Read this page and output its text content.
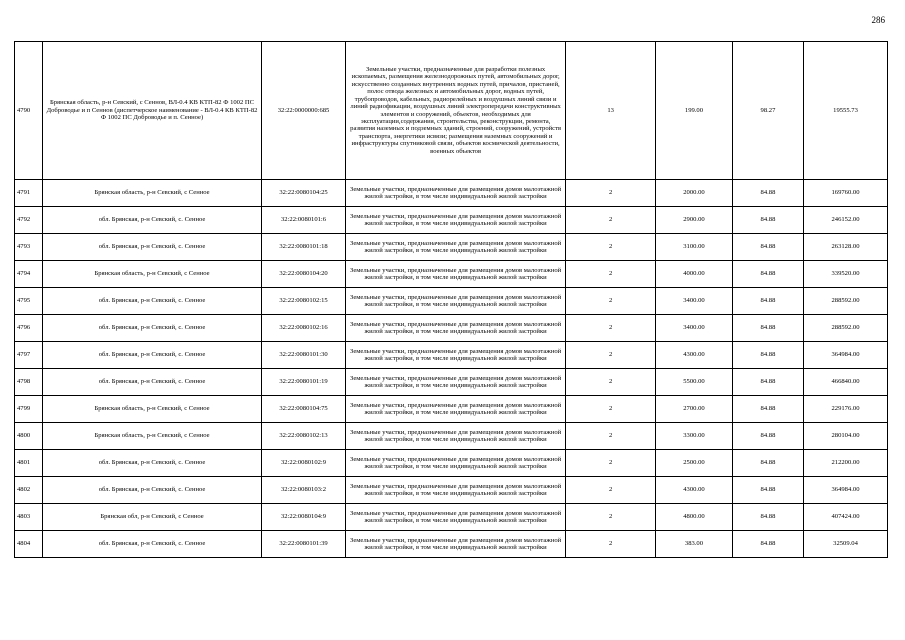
286
4790	Брянская область, р-н Севский, с Сеннов, ВЛ-0.4 КВ КТП-82 Ф 1002 ПС Доброводье и п Сеннов (диспетчерское наименование - ВЛ-0.4 КВ КТП-82 Ф 1002 ПС Доброводье и п. Сенное)	32:22:0000000:685	Земельные участки, предназначенные для разработки полезных ископаемых, размещения железнодорожных путей, автомобильных дорог, искусственно созданных внутренних водных путей, причалов, пристаней, полос отвода железных и автомобильных дорог, водных путей, трубопроводов, кабельных, радиорелейных и воздушных линий связи и линий радиофикации, воздушных линий электропередачи конструктивных элементов и сооружений, объектов, необходимых для эксплуатации,содержания, строительства, реконструкции, ремонта, развития наземных и подземных зданий, строений, сооружений, устройств транспорта, энергетики исвязи; размещения наземных сооружений и инфраструктуры спутниковой связи, объектов космической деятельности, военных объектов	13	199.00	98.27	19555.73
4791	Брянская область, р-н Севский, с Сенное	32:22:0080104:25	Земельные участки, предназначенные для размещения домов малоэтажной жилой застройки, в том числе индивидуальной жилой застройки	2	2000.00	84.88	169760.00
4792	обл. Брянская, р-н Севский, с. Сенное	32:22:0080101:6	Земельные участки, предназначенные для размещения домов малоэтажной жилой застройки, в том числе индивидуальной жилой застройки	2	2900.00	84.88	246152.00
4793	обл. Брянская, р-н Севский, с. Сенное	32:22:0080101:18	Земельные участки, предназначенные для размещения домов малоэтажной жилой застройки, в том числе индивидуальной жилой застройки	2	3100.00	84.88	263128.00
4794	Брянская область, р-н Севский, с Сенное	32:22:0080104:20	Земельные участки, предназначенные для размещения домов малоэтажной жилой застройки, в том числе индивидуальной жилой застройки	2	4000.00	84.88	339520.00
4795	обл. Брянская, р-н Севский, с. Сенное	32:22:0080102:15	Земельные участки, предназначенные для размещения домов малоэтажной жилой застройки, в том числе индивидуальной жилой застройки	2	3400.00	84.88	288592.00
4796	обл. Брянская, р-н Севский, с. Сенное	32:22:0080102:16	Земельные участки, предназначенные для размещения домов малоэтажной жилой застройки, в том числе индивидуальной жилой застройки	2	3400.00	84.88	288592.00
4797	обл. Брянская, р-н Севский, с. Сенное	32:22:0080101:30	Земельные участки, предназначенные для размещения домов малоэтажной жилой застройки, в том числе индивидуальной жилой застройки	2	4300.00	84.88	364984.00
4798	обл. Брянская, р-н Севский, с. Сенное	32:22:0080101:19	Земельные участки, предназначенные для размещения домов малоэтажной жилой застройки, в том числе индивидуальной жилой застройки	2	5500.00	84.88	466840.00
4799	Брянская область, р-н Севский, с Сенное	32:22:0080104:75	Земельные участки, предназначенные для размещения домов малоэтажной жилой застройки, в том числе индивидуальной жилой застройки	2	2700.00	84.88	229176.00
4800	Брянская область, р-н Севский, с Сенное	32:22:0080102:13	Земельные участки, предназначенные для размещения домов малоэтажной жилой застройки, в том числе индивидуальной жилой застройки	2	3300.00	84.88	280104.00
4801	обл. Брянская, р-н Севский, с. Сенное	32:22:0080102:9	Земельные участки, предназначенные для размещения домов малоэтажной жилой застройки, в том числе индивидуальной жилой застройки	2	2500.00	84.88	212200.00
4802	обл. Брянская, р-н Севский, с. Сенное	32:22:0080103:2	Земельные участки, предназначенные для размещения домов малоэтажной жилой застройки, в том числе индивидуальной жилой застройки	2	4300.00	84.88	364984.00
4803	Брянская обл, р-н Севский, с Сенное	32:22:0080104:9	Земельные участки, предназначенные для размещения домов малоэтажной жилой застройки, в том числе индивидуальной жилой застройки	2	4800.00	84.88	407424.00
4804	обл. Брянская, р-н Севский, с. Сенное	32:22:0080101:39	Земельные участки, предназначенные для размещения домов малоэтажной жилой застройки, в том числе индивидуальной жилой застройки	2	383.00	84.88	32509.04
